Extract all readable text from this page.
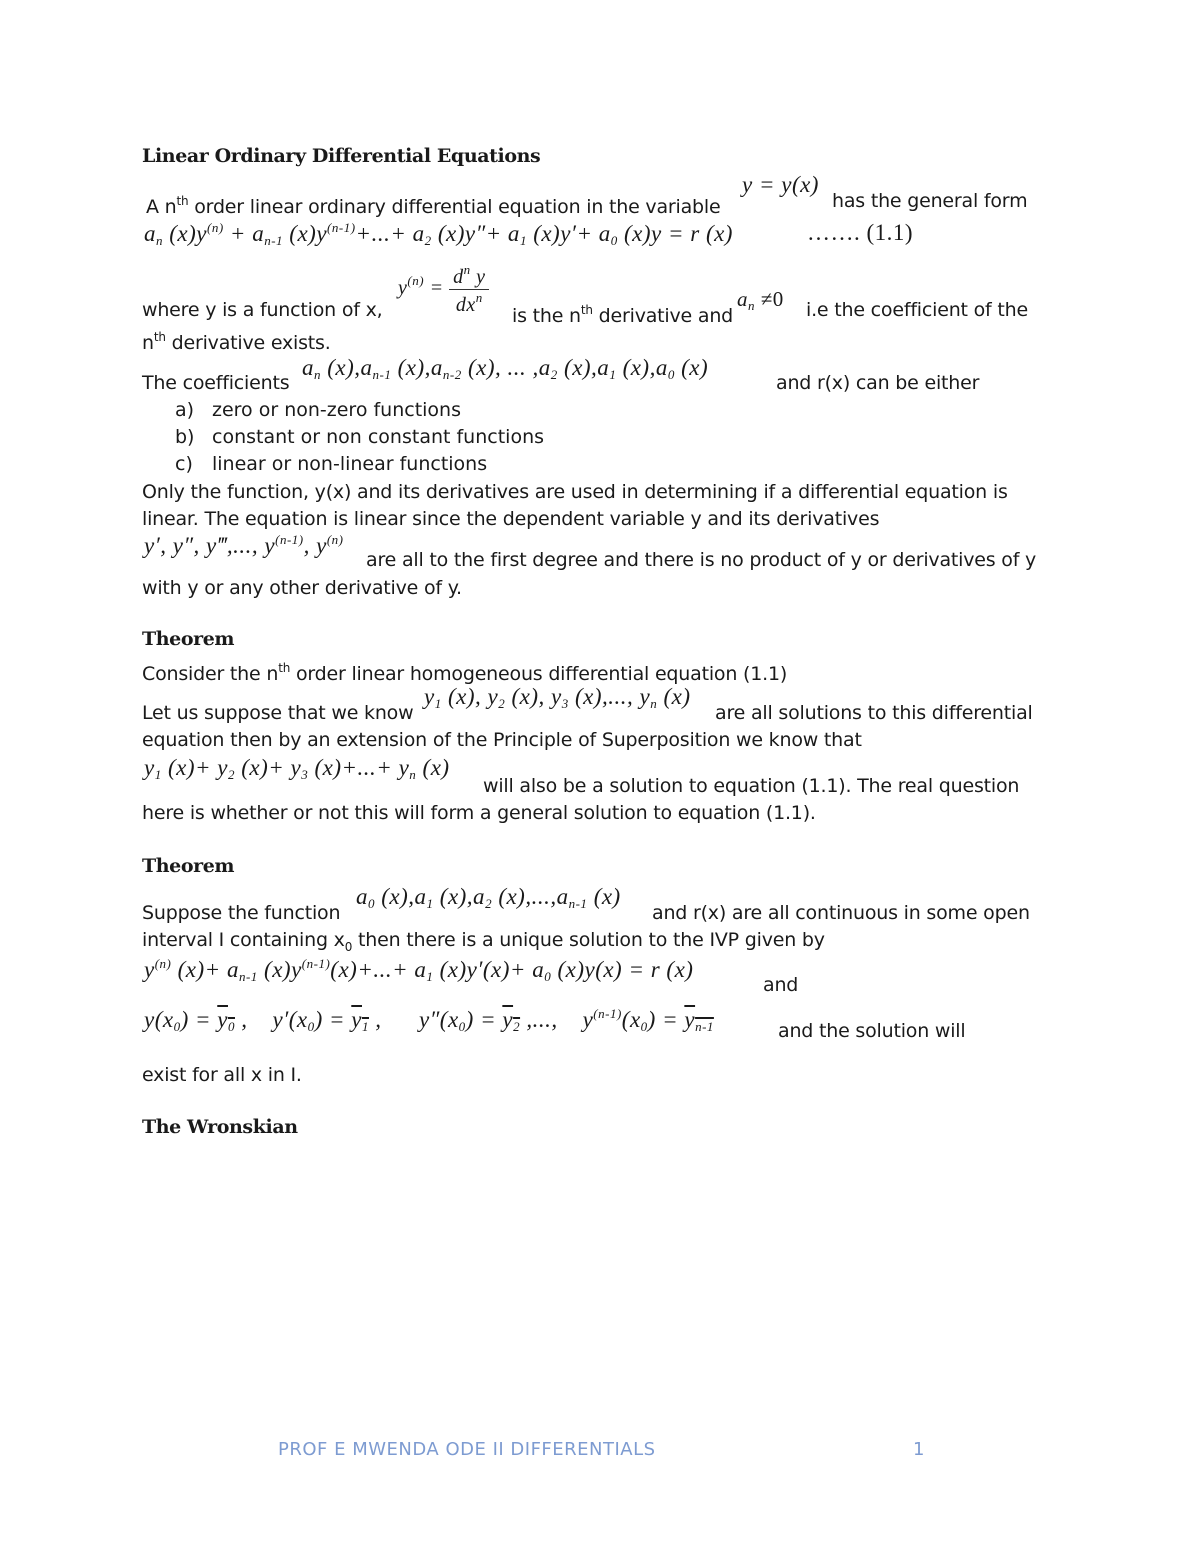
Linear Ordinary Differential Equations
A $n^{th}$ order linear ordinary differential equation in the variable
y = y(x)
has the general form
$a_n$ $(x)y^{(n)} + a_{n-1}$ $(x)y^{(n-1)}+...+ a_2$ $(x)y''+ a_1$ $(x)y'+ a_0$ (x)y = r (x)	……. (1.1)
where y is a function of x,
$y^{(n)} = \frac{d^n y}{dx^n}$ is the $n^{th}$ derivative and
$a_n \ne 0$ i.e the coefficient of the
$n^{th}$ derivative exists.
The coefficients
$a_n$ $(x),a_{n-1}$ $(x),a_{n-2}$ (x), ... $,a_2$ $(x),a_1$ $(x),a_0$ (x)
and r(x) can be either
a) zero or non-zero functions
b) constant or non constant functions
c) linear or non-linear functions
Only the function, y(x) and its derivatives are used in determining if a differential equation is
linear. The equation is linear since the dependent variable y and its derivatives
y′, y″, y‴,..., $y^{(n-1)}$, $y^{(n)}$
are all to the first degree and there is no product of y or derivatives of y
with y or any other derivative of y.
Theorem
Consider the $n^{th}$ order linear homogeneous differential equation (1.1)
Let us suppose that we know
$y_1$ (x), $y_2$ (x), $y_3$ (x),..., $y_n$ (x)
are all solutions to this differential
equation then by an extension of the Principle of Superposition we know that
$y_1$ $(x)+ y_2$ $(x)+ y_3$ $(x)+...+ y_n$ (x)
will also be a solution to equation (1.1). The real question
here is whether or not this will form a general solution to equation (1.1).
Theorem
Suppose the function
$a_0$ $(x),a_1$ $(x),a_2$ $(x),...,a_{n-1}$ (x)
and r(x) are all continuous in some open
interval I containing $x_0$ then there is a unique solution to the IVP given by
$y^{(n)}$ $(x)+ a_{n-1}$ $(x)y^{(n-1)}(x)+...+ a_1$ $(x)y'(x)+ a_0$ (x)y(x) = r (x)
and
$y(x_0) = y_0$ ,    $y'(x_0) = y_1$ ,      $y''(x_0) = y_2$ ,...,    $y^{(n-1)}(x_0) = y_{n-1}$	and the solution will
exist for all x in I.
The Wronskian
PROF E MWENDA ODE II DIFFERENTIALS	1
